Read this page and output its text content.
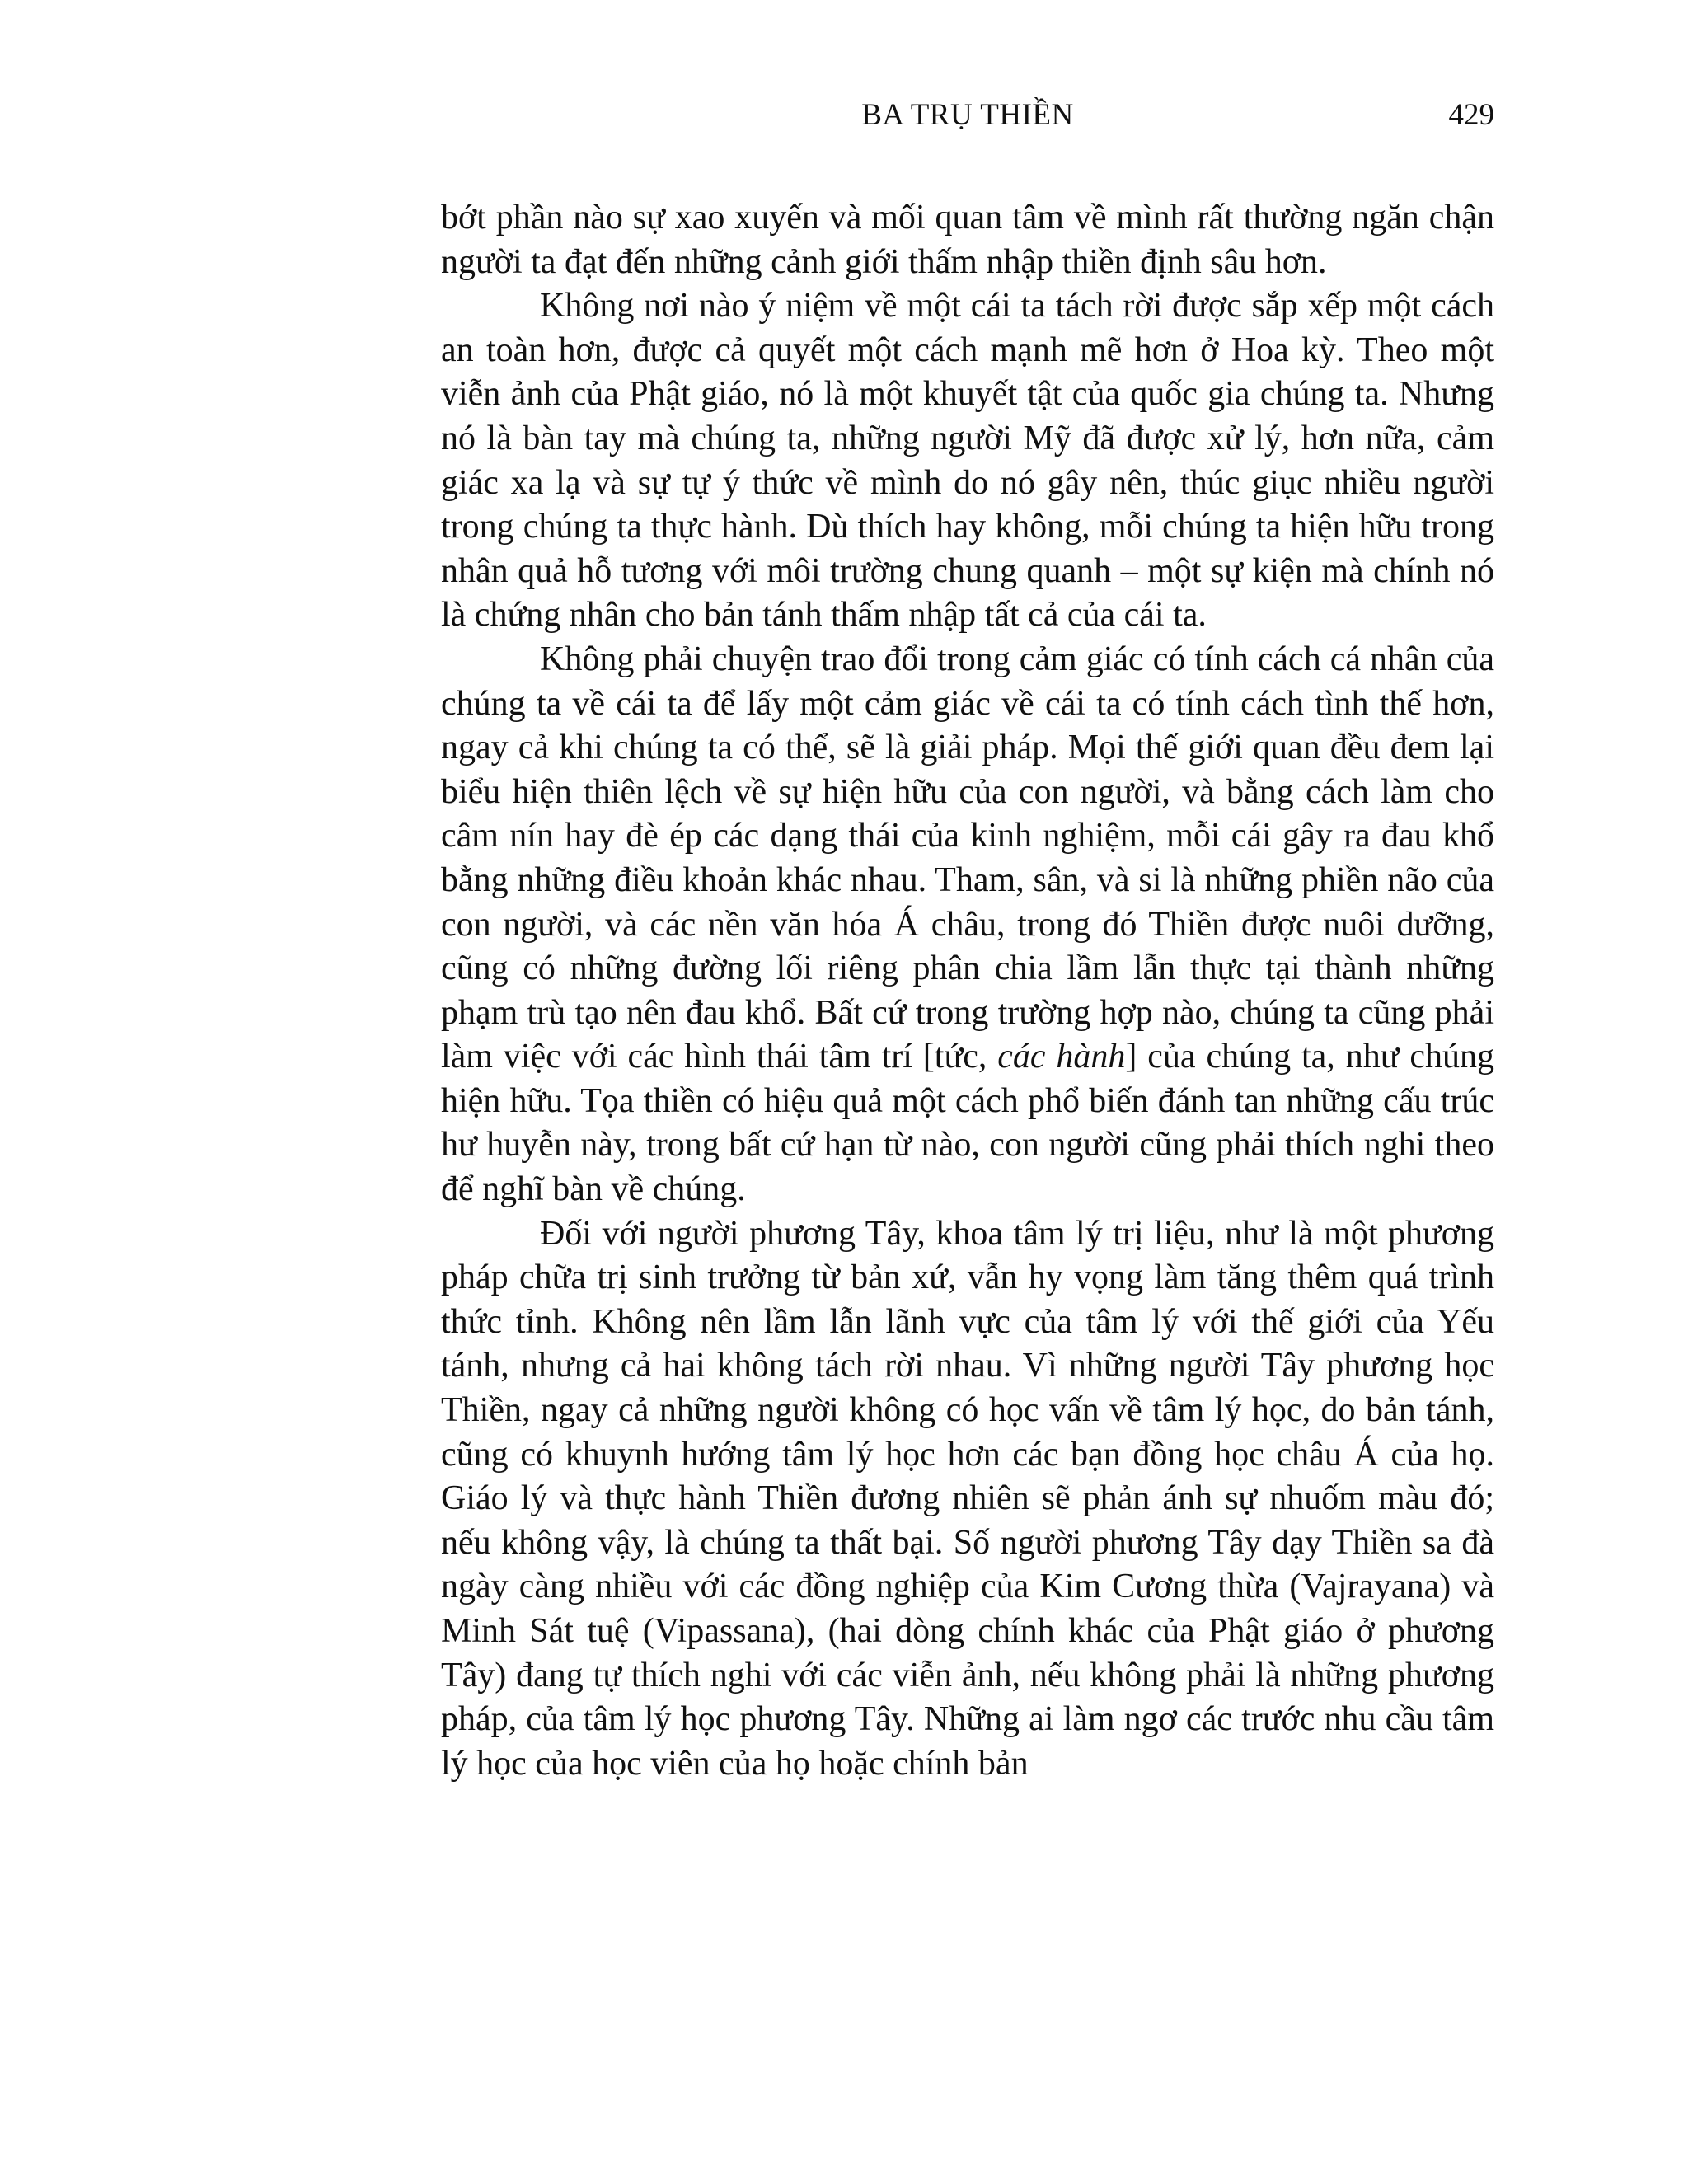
BA TRỤ THIỀN	429

bớt phần nào sự xao xuyến và mối quan tâm về mình rất thường ngăn chận người ta đạt đến những cảnh giới thấm nhập thiền định sâu hơn.

Không nơi nào ý niệm về một cái ta tách rời được sắp xếp một cách an toàn hơn, được cả quyết một cách mạnh mẽ hơn ở Hoa kỳ. Theo một viễn ảnh của Phật giáo, nó là một khuyết tật của quốc gia chúng ta. Nhưng nó là bàn tay mà chúng ta, những người Mỹ đã được xử lý, hơn nữa, cảm giác xa lạ và sự tự ý thức về mình do nó gây nên, thúc giục nhiều người trong chúng ta thực hành. Dù thích hay không, mỗi chúng ta hiện hữu trong nhân quả hỗ tương với môi trường chung quanh – một sự kiện mà chính nó là chứng nhân cho bản tánh thấm nhập tất cả của cái ta.

Không phải chuyện trao đổi trong cảm giác có tính cách cá nhân của chúng ta về cái ta để lấy một cảm giác về cái ta có tính cách tình thế hơn, ngay cả khi chúng ta có thể, sẽ là giải pháp. Mọi thế giới quan đều đem lại biểu hiện thiên lệch về sự hiện hữu của con người, và bằng cách làm cho câm nín hay đè ép các dạng thái của kinh nghiệm, mỗi cái gây ra đau khổ bằng những điều khoản khác nhau. Tham, sân, và si là những phiền não của con người, và các nền văn hóa Á châu, trong đó Thiền được nuôi dưỡng, cũng có những đường lối riêng phân chia lầm lẫn thực tại thành những phạm trù tạo nên đau khổ. Bất cứ trong trường hợp nào, chúng ta cũng phải làm việc với các hình thái tâm trí [tức, các hành] của chúng ta, như chúng hiện hữu. Tọa thiền có hiệu quả một cách phổ biến đánh tan những cấu trúc hư huyễn này, trong bất cứ hạn từ nào, con người cũng phải thích nghi theo để nghĩ bàn về chúng.

Đối với người phương Tây, khoa tâm lý trị liệu, như là một phương pháp chữa trị sinh trưởng từ bản xứ, vẫn hy vọng làm tăng thêm quá trình thức tỉnh. Không nên lầm lẫn lãnh vực của tâm lý với thế giới của Yếu tánh, nhưng cả hai không tách rời nhau. Vì những người Tây phương học Thiền, ngay cả những người không có học vấn về tâm lý học, do bản tánh, cũng có khuynh hướng tâm lý học hơn các bạn đồng học châu Á của họ. Giáo lý và thực hành Thiền đương nhiên sẽ phản ánh sự nhuốm màu đó; nếu không vậy, là chúng ta thất bại. Số người phương Tây dạy Thiền sa đà ngày càng nhiều với các đồng nghiệp của Kim Cương thừa (Vajrayana) và Minh Sát tuệ (Vipassana), (hai dòng chính khác của Phật giáo ở phương Tây) đang tự thích nghi với các viễn ảnh, nếu không phải là những phương pháp, của tâm lý học phương Tây. Những ai làm ngơ các trước nhu cầu tâm lý học của học viên của họ hoặc chính bản
